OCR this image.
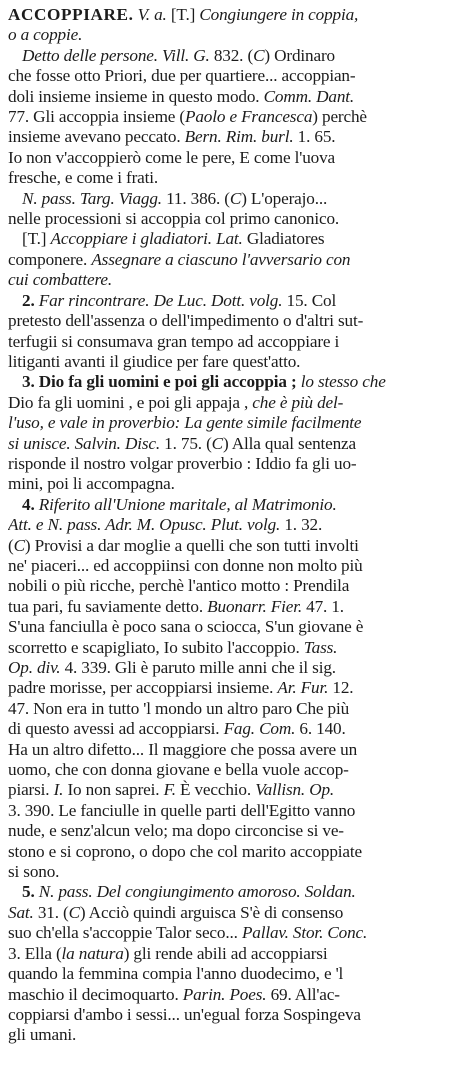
ACCOPPIARE. V. a. [T.] Congiungere in coppia,
o a coppie.
Detto delle persone. Vill. G. 832. (C) Ordinaro
che fosse otto Priori, due per quartiere... accoppian-
doli insieme insieme in questo modo. Comm. Dant.
77. Gli accoppia insieme (Paolo e Francesca) perchè
insieme avevano peccato. Bern. Rim. burl. 1. 65.
Io non v'accoppierò come le pere, E come l'uova
fresche, e come i frati.
N. pass. Targ. Viagg. 11. 386. (C) L'operajo...
nelle processioni si accoppia col primo canonico.
[T.] Accoppiare i gladiatori. Lat. Gladiatores
componere. Assegnare a ciascuno l'avversario con
cui combattere.
2. Far rincontrare. De Luc. Dott. volg. 15. Col
pretesto dell'assenza o dell'impedimento o d'altri sut-
terfugii si consumava gran tempo ad accoppiare i
litiganti avanti il giudice per fare quest'atto.
3. Dio fa gli uomini e poi gli accoppia ; lo stesso che
Dio fa gli uomini , e poi gli appaja , che è più del-
l'uso, e vale in proverbio: La gente simile facilmente
si unisce. Salvin. Disc. 1. 75. (C) Alla qual sentenza
risponde il nostro volgar proverbio : Iddio fa gli uo-
mini, poi li accompagna.
4. Riferito all'Unione maritale, al Matrimonio.
Att. e N. pass. Adr. M. Opusc. Plut. volg. 1. 32.
(C) Provisi a dar moglie a quelli che son tutti involti
ne' piaceri... ed accoppiinsi con donne non molto più
nobili o più ricche, perchè l'antico motto : Prendila
tua pari, fu saviamente detto. Buonarr. Fier. 47. 1.
S'una fanciulla è poco sana o sciocca, S'un giovane è
scorretto e scapigliato, Io subito l'accoppio. Tass.
Op. div. 4. 339. Gli è paruto mille anni che il sig.
padre morisse, per accoppiarsi insieme. Ar. Fur. 12.
47. Non era in tutto 'l mondo un altro paro Che più
di questo avessi ad accoppiarsi. Fag. Com. 6. 140.
Ha un altro difetto... Il maggiore che possa avere un
uomo, che con donna giovane e bella vuole accop-
piarsi. I. Io non saprei. F. È vecchio. Vallisn. Op.
3. 390. Le fanciulle in quelle parti dell'Egitto vanno
nude, e senz'alcun velo; ma dopo circoncise si ve-
stono e si coprono, o dopo che col marito accoppiate
si sono.
5. N. pass. Del congiungimento amoroso. Soldan.
Sat. 31. (C) Acciò quindi arguisca S'è di consenso
suo ch'ella s'accoppie Talor seco... Pallav. Stor. Conc.
3. Ella (la natura) gli rende abili ad accoppiarsi
quando la femmina compia l'anno duodecimo, e 'l
maschio il decimoquarto. Parin. Poes. 69. All'ac-
coppiarsi d'ambo i sessi... un'egual forza Sospingeva
gli umani.
